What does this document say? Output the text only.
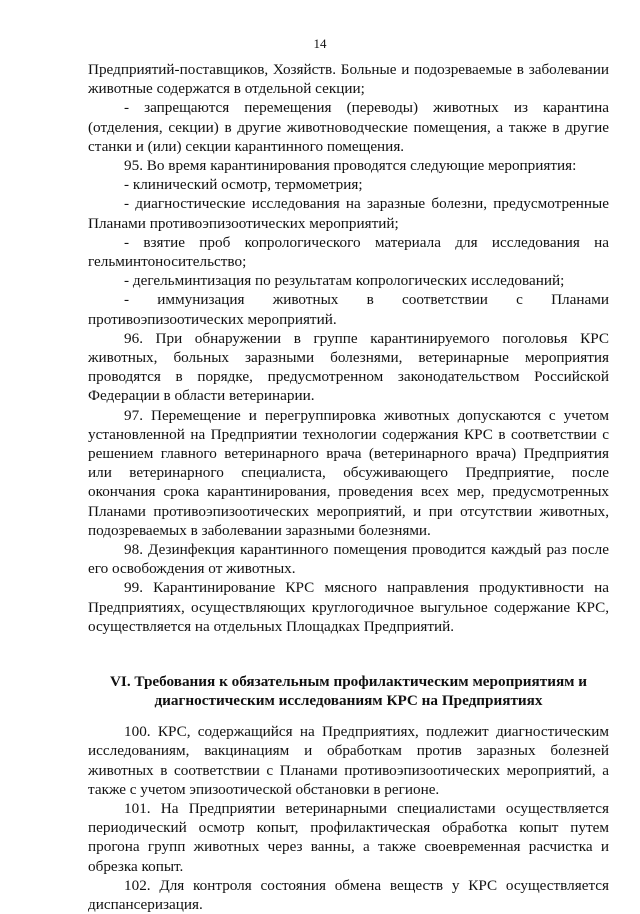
14

Предприятий-поставщиков, Хозяйств. Больные и подозреваемые в заболевании животные содержатся в отдельной секции;

- запрещаются перемещения (переводы) животных из карантина (отделения, секции) в другие животноводческие помещения, а также в другие станки и (или) секции карантинного помещения.

95. Во время карантинирования проводятся следующие мероприятия:

- клинический осмотр, термометрия;

- диагностические исследования на заразные болезни, предусмотренные Планами противоэпизоотических мероприятий;

- взятие проб копрологического материала для исследования на гельминтоносительство;

- дегельминтизация по результатам копрологических исследований;

- иммунизация животных в соответствии с Планами противоэпизоотических мероприятий.

96. При обнаружении в группе карантинируемого поголовья КРС животных, больных заразными болезнями, ветеринарные мероприятия проводятся в порядке, предусмотренном законодательством Российской Федерации в области ветеринарии.

97. Перемещение и перегруппировка животных допускаются с учетом установленной на Предприятии технологии содержания КРС в соответствии с решением главного ветеринарного врача (ветеринарного врача) Предприятия или ветеринарного специалиста, обсуживающего Предприятие, после окончания срока карантинирования, проведения всех мер, предусмотренных Планами противоэпизоотических мероприятий, и при отсутствии животных, подозреваемых в заболевании заразными болезнями.

98. Дезинфекция карантинного помещения проводится каждый раз после его освобождения от животных.

99. Карантинирование КРС мясного направления продуктивности на Предприятиях, осуществляющих круглогодичное выгульное содержание КРС, осуществляется на отдельных Площадках Предприятий.

VI. Требования к обязательным профилактическим мероприятиям и
диагностическим исследованиям КРС на Предприятиях

100. КРС, содержащийся на Предприятиях, подлежит диагностическим исследованиям, вакцинациям и обработкам против заразных болезней животных в соответствии с Планами противоэпизоотических мероприятий, а также с учетом эпизоотической обстановки в регионе.

101. На Предприятии ветеринарными специалистами осуществляется периодический осмотр копыт, профилактическая обработка копыт путем прогона групп животных через ванны, а также своевременная расчистка и обрезка копыт.

102. Для контроля состояния обмена веществ у КРС осуществляется диспансеризация.
